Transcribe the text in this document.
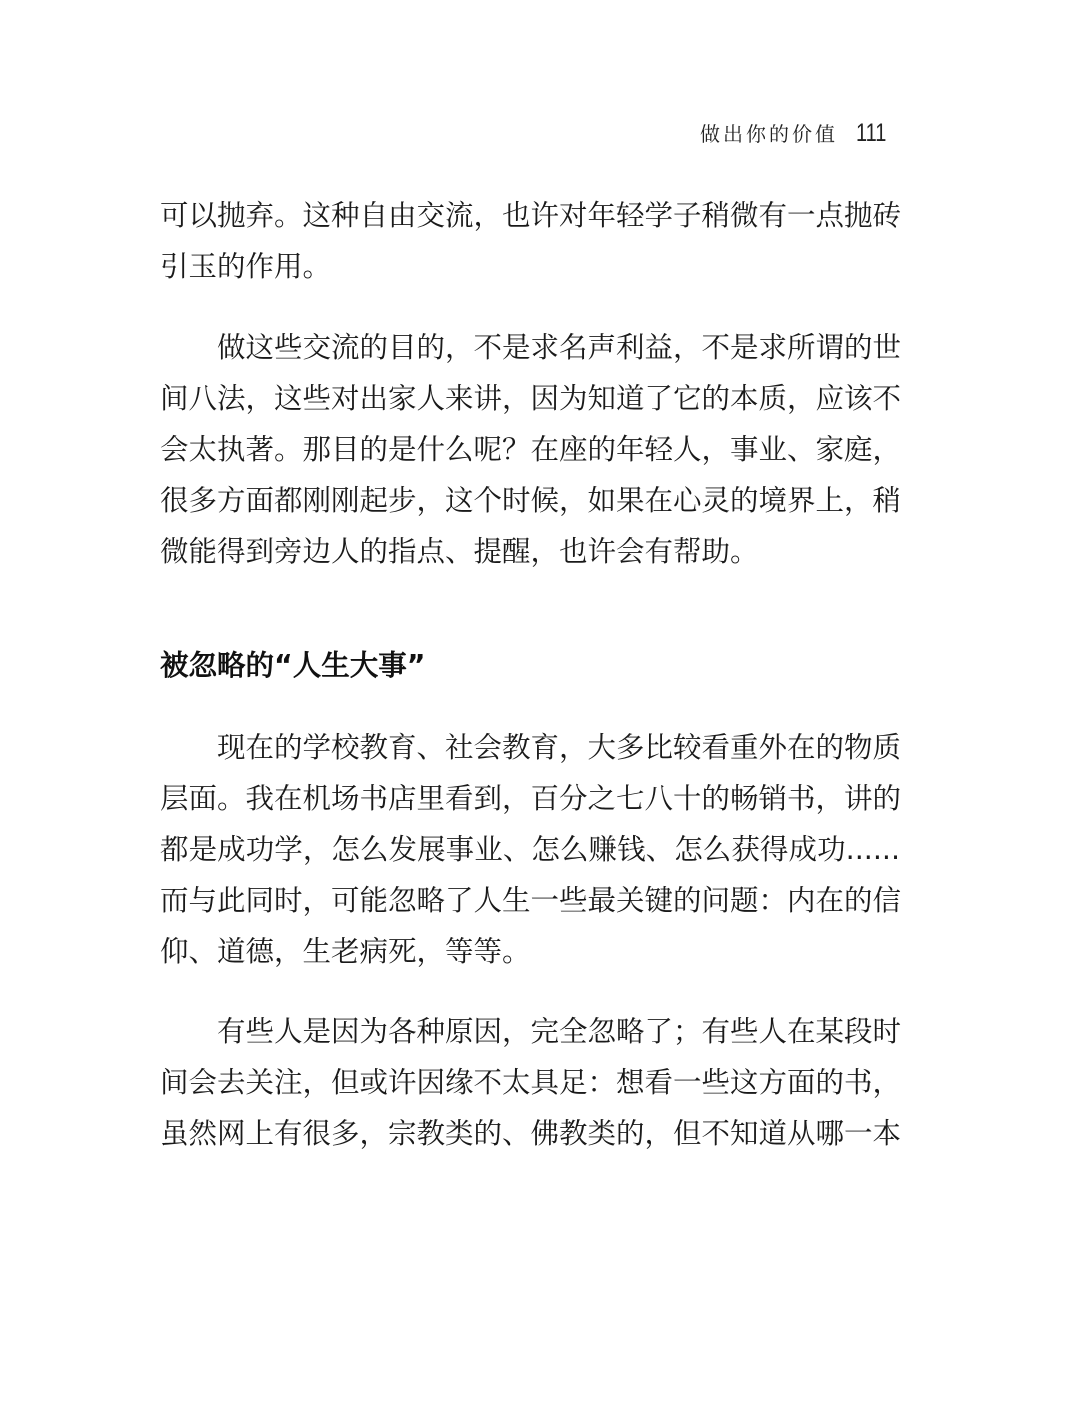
做出你的价值 111

可以抛弃。这种自由交流，也许对年轻学子稍微有一点抛砖
引玉的作用。

做这些交流的目的，不是求名声利益，不是求所谓的世
间八法，这些对出家人来讲，因为知道了它的本质，应该不
会太执著。那目的是什么呢？在座的年轻人，事业、家庭，
很多方面都刚刚起步，这个时候，如果在心灵的境界上，稍
微能得到旁边人的指点、提醒，也许会有帮助。

被忽略的“人生大事”

现在的学校教育、社会教育，大多比较看重外在的物质
层面。我在机场书店里看到，百分之七八十的畅销书，讲的
都是成功学，怎么发展事业、怎么赚钱、怎么获得成功......
而与此同时，可能忽略了人生一些最关键的问题：内在的信
仰、道德，生老病死，等等。

有些人是因为各种原因，完全忽略了；有些人在某段时
间会去关注，但或许因缘不太具足：想看一些这方面的书，
虽然网上有很多，宗教类的、佛教类的，但不知道从哪一本
